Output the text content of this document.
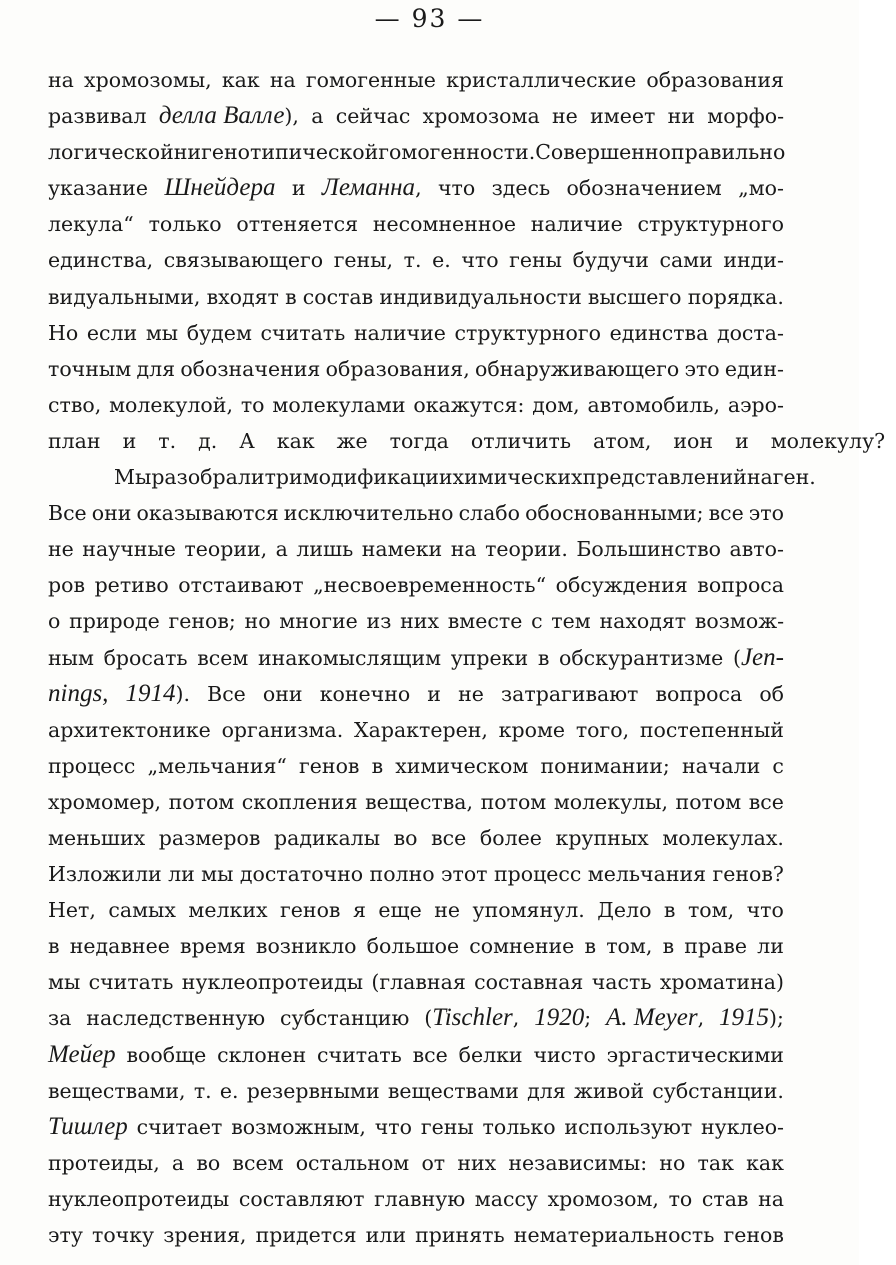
— 93 —
на хромозомы, как на гомогенные кристаллические образования
развивал делла Валле), а сейчас хромозома не имеет ни морфо-
логической ни генотипической гомогенности. Совершенно правильно
указание Шнейдера и Леманна, что здесь обозначением „мо-
лекула“ только оттеняется несомненное наличие структурного
единства, связывающего гены, т. е. что гены будучи сами инди-
видуальными, входят в состав индивидуальности высшего порядка.
Но если мы будем считать наличие структурного единства доста-
точным для обозначения образования, обнаруживающего это един-
ство, молекулой, то молекулами окажутся: дом, автомобиль, аэро-
план	и	т.	д.	А	как	же	тогда	отличить	атом,	ион	и	молекулу?
Мы разобрали три модификации химических представлений на ген.
Все они оказываются исключительно слабо обоснованными; все это
не научные теории, а лишь намеки на теории. Большинство авто-
ров ретиво отстаивают „несвоевременность“ обсуждения вопроса
о природе генов; но многие из них вместе с тем находят возмож-
ным бросать всем инакомыслящим упреки в обскурантизме (Jen-
nings, 1914). Все они конечно и не затрагивают вопроса об
архитектонике организма. Характерен, кроме того, постепенный
процесс „мельчания“ генов в химическом понимании; начали с
хромомер, потом скопления вещества, потом молекулы, потом все
меньших размеров радикалы во все более крупных молекулах.
Изложили ли мы достаточно полно этот процесс мельчания генов?
Нет, самых мелких генов я еще не упомянул. Дело в том, что
в недавнее время возникло большое сомнение в том, в праве ли
мы считать нуклеопротеиды (главная составная часть хроматина)
за наследственную субстанцию (Tischler, 1920; A. Meyer, 1915);
Мейер вообще склонен считать все белки чисто эргастическими
веществами, т. е. резервными веществами для живой субстанции.
Тишлер считает возможным, что гены только используют нуклео-
протеиды, а во всем остальном от них независимы: но так как
нуклеопротеиды составляют главную массу хромозом, то став на
эту точку зрения, придется или принять нематериальность генов
